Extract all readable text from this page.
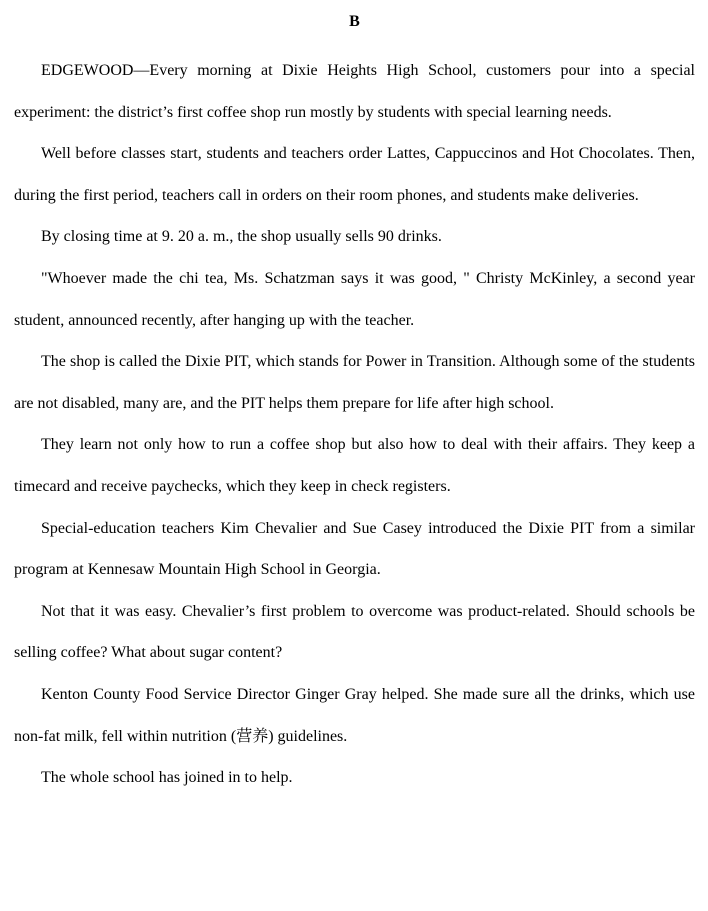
B

EDGEWOOD—Every morning at Dixie Heights High School, customers pour into a special experiment: the district’s first coffee shop run mostly by students with special learning needs.

Well before classes start, students and teachers order Lattes, Cappuccinos and Hot Chocolates. Then, during the first period, teachers call in orders on their room phones, and students make deliveries.

By closing time at 9. 20 a. m., the shop usually sells 90 drinks.

"Whoever made the chi tea, Ms. Schatzman says it was good, " Christy McKinley, a second year student, announced recently, after hanging up with the teacher.

The shop is called the Dixie PIT, which stands for Power in Transition. Although some of the students are not disabled, many are, and the PIT helps them prepare for life after high school.

They learn not only how to run a coffee shop but also how to deal with their affairs. They keep a timecard and receive paychecks, which they keep in check registers.

Special-education teachers Kim Chevalier and Sue Casey introduced the Dixie PIT from a similar program at Kennesaw Mountain High School in Georgia.

Not that it was easy. Chevalier’s first problem to overcome was product-related. Should schools be selling coffee? What about sugar content?

Kenton County Food Service Director Ginger Gray helped. She made sure all the drinks, which use non-fat milk, fell within nutrition (营养) guidelines.

The whole school has joined in to help.
